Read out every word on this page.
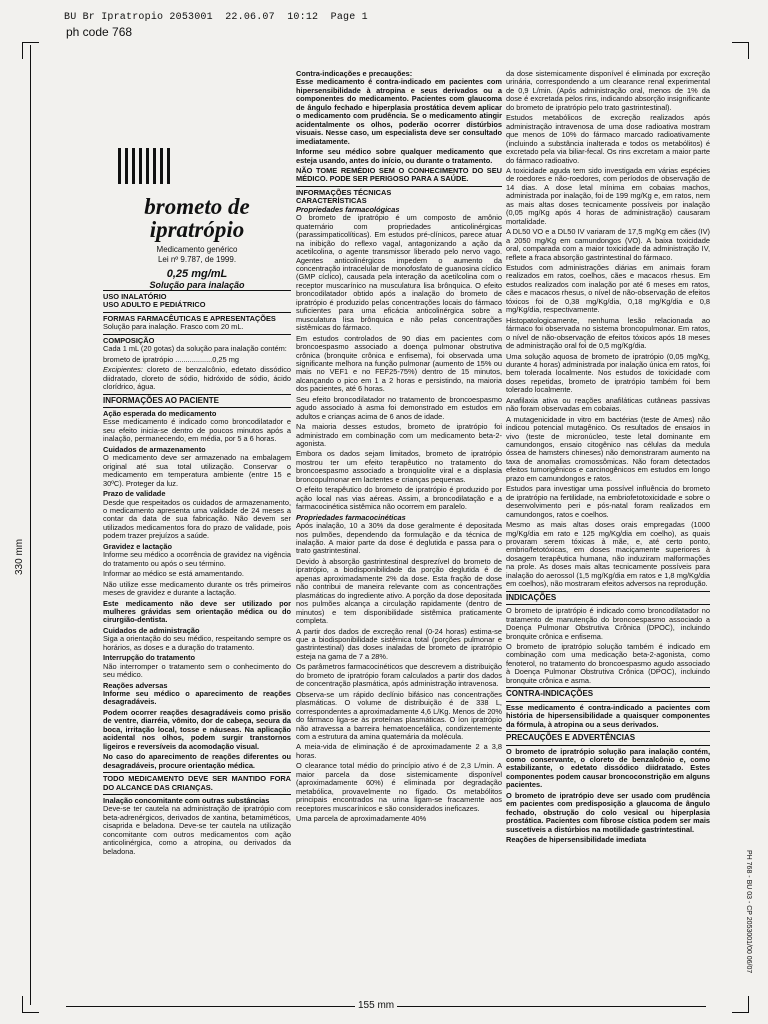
BU Br Ipratropio 2053001  22.06.07  10:12  Page 1
ph code 768
330 mm
155 mm
PH 768 - BU 03 - CP 2053001/00 06/07
brometo de
ipratrópio
Medicamento genérico
Lei nº 9.787, de 1999.
0,25 mg/mL
Solução para inalação
USO INALATÓRIO
USO ADULTO E PEDIÁTRICO
FORMAS FARMACÊUTICAS E APRESENTAÇÕES

Solução para inalação. Frasco com 20 mL.

COMPOSIÇÃO

Cada 1 mL (20 gotas) da solução para inalação contém:

brometo de ipratrópio ..................0,25 mg

Excipientes: cloreto de benzalcônio, edetato dissódico diidratado, cloreto de sódio, hidróxido de sódio, ácido clorídrico, água.

INFORMAÇÕES AO PACIENTE
Ação esperada do medicamento

Esse medicamento é indicado como broncodilatador e seu efeito inicia-se dentro de poucos minutos após a inalação, permanecendo, em média, por 5 a 6 horas.

Cuidados de armazenamento

O medicamento deve ser armazenado na embalagem original até sua total utilização. Conservar o medicamento em temperatura ambiente (entre 15 e 30ºC). Proteger da luz.

Prazo de validade

Desde que respeitados os cuidados de armazenamento, o medicamento apresenta uma validade de 24 meses a contar da data de sua fabricação. Não devem ser utilizados medicamentos fora do prazo de validade, pois podem trazer prejuízos a saúde.

Gravidez e lactação

Informe seu médico a ocorrência de gravidez na vigência do tratamento ou após o seu término.

Informar ao médico se está amamentando.

Não utilize esse medicamento durante os três primeiros meses de gravidez e durante a lactação.

Este medicamento não deve ser utilizado por mulheres grávidas sem orientação médica ou do cirurgião-dentista.

Cuidados de administração

Siga a orientação do seu médico, respeitando sempre os horários, as doses e a duração do tratamento.

Interrupção do tratamento

Não interromper o tratamento sem o conhecimento do seu médico.

Reações adversas

Informe seu médico o aparecimento de reações desagradáveis.

Podem ocorrer reações desagradáveis como prisão de ventre, diarréia, vômito, dor de cabeça, secura da boca, irritação local, tosse e náuseas. Na aplicação acidental nos olhos, podem surgir transtornos ligeiros e reversíveis da acomodação visual.

No caso do aparecimento de reações diferentes ou desagradáveis, procure orientação médica.

TODO MEDICAMENTO DEVE SER MANTIDO FORA DO ALCANCE DAS CRIANÇAS.

Inalação concomitante com outras substâncias

Deve-se ter cautela na administração de ipratrópio com beta-adrenérgicos, derivados de xantina, betamiméticos, cisaprida e beladona. Deve-se ter cautela na utilização concomitante com outros medicamentos com ação anticolinérgica, como a atropina, ou derivados da beladona.

Contra-indicações e precauções:

Esse medicamento é contra-indicado em pacientes com hipersensibilidade à atropina e seus derivados ou a componentes do medicamento. Pacientes com glaucoma de ângulo fechado e hiperplasia prostática devem aplicar o medicamento com prudência. Se o medicamento atingir acidentalmente os olhos, poderão ocorrer distúrbios visuais. Nesse caso, um especialista deve ser consultado imediatamente.

Informe seu médico sobre qualquer medicamento que esteja usando, antes do início, ou durante o tratamento.

NÃO TOME REMÉDIO SEM O CONHECIMENTO DO SEU MÉDICO. PODE SER PERIGOSO PARA A SAÚDE.

INFORMAÇÕES TÉCNICAS
CARACTERÍSTICAS
Propriedades farmacológicas

O brometo de ipratrópio é um composto de amônio quaternário com propriedades anticolinérgicas (parassimpaticolíticas). Em estudos pré-clínicos, parece atuar na inibição do reflexo vagal, antagonizando a ação da acetilcolina, o agente transmissor liberado pelo nervo vago. Agentes anticolinérgicos impedem o aumento da concentração intracelular de monofosfato de guanosina cíclico (GMP cíclico), causada pela interação da acetilcolina com o receptor muscarínico na musculatura lisa brônquica. O efeito broncodilatador obtido após a inalação do brometo de ipratrópio é produzido pelas concentrações locais do fármaco suficientes para uma eficácia anticolinérgica sobre a musculatura lisa brônquica e não pelas concentrações sistêmicas do fármaco.

Em estudos controlados de 90 dias em pacientes com broncoespasmo associado a doença pulmonar obstrutiva crônica (bronquite crônica e enfisema), foi observada uma significante melhora na função pulmonar (aumento de 15% ou mais no VEF1 e no FEF25-75%) dentro de 15 minutos, alcançando o pico em 1 a 2 horas e persistindo, na maioria dos pacientes, até 6 horas.

Seu efeito broncodilatador no tratamento de broncoespasmo agudo associado à asma foi demonstrado em estudos em adultos e crianças acima de 6 anos de idade.

Na maioria desses estudos, brometo de ipratrópio foi administrado em combinação com um medicamento beta-2-agonista.

Embora os dados sejam limitados, brometo de ipratrópio mostrou ter um efeito terapêutico no tratamento do broncoespasmo associado a bronquiolite viral e a displasia broncopulmonar em lactentes e crianças pequenas.

O efeito terapêutico do brometo de ipratrópio é produzido por ação local nas vias aéreas. Assim, a broncodilatação e a farmacocinética sistêmica não ocorrem em paralelo.

Propriedades farmacocinéticas

Após inalação, 10 a 30% da dose geralmente é depositada nos pulmões, dependendo da formulação e da técnica de inalação. A maior parte da dose é deglutida e passa para o trato gastrintestinal.

Devido à absorção gastrintestinal desprezível do brometo de ipratrópio, a biodisponibilidade da porção deglutida é de apenas aproximadamente 2% da dose. Esta fração de dose não contribui de maneira relevante com as concentrações plasmáticas do ingrediente ativo. A porção da dose depositada nos pulmões alcança a circulação rapidamente (dentro de minutos) e tem disponibilidade sistêmica praticamente completa.

A partir dos dados de excreção renal (0-24 horas) estima-se que a biodisponibilidade sistêmica total (porções pulmonar e gastrintestinal) das doses inaladas de brometo de ipratrópio esteja na gama de 7 a 28%.

Os parâmetros farmacocinéticos que descrevem a distribuição do brometo de ipratrópio foram calculados a partir dos dados de concentração plasmática, após administração intravenosa.

Observa-se um rápido declínio bifásico nas concentrações plasmáticas. O volume de distribuição é de 338 L, correspondentes a aproximadamente 4,6 L/Kg. Menos de 20% do fármaco liga-se às proteínas plasmáticas. O íon ipratrópio não atravessa a barreira hematoencefálica, condizentemente com a estrutura da amina quaternária da molécula.

A meia-vida de eliminação é de aproximadamente 2 a 3,8 horas.

O clearance total médio do princípio ativo é de 2,3 L/min. A maior parcela da dose sistemicamente disponível (aproximadamente 60%) é eliminada por degradação metabólica, provavelmente no fígado. Os metabólitos principais encontrados na urina ligam-se fracamente aos receptores muscarínicos e são considerados ineficazes.

Uma parcela de aproximadamente 40%

da dose sistemicamente disponível é eliminada por excreção urinária, correspondendo a um clearance renal experimental de 0,9 L/min. (Após administração oral, menos de 1% da dose é excretada pelos rins, indicando absorção insignificante do brometo de ipratrópio pelo trato gastrintestinal).

Estudos metabólicos de excreção realizados após administração intravenosa de uma dose radioativa mostram que menos de 10% do fármaco marcado radioativamente (incluindo a substância inalterada e todos os metabólitos) é excretado pela via biliar-fecal. Os rins excretam a maior parte do fármaco radioativo.

A toxicidade aguda tem sido investigada em várias espécies de roedores e não-roedores, com períodos de observação de 14 dias. A dose letal mínima em cobaias machos, administrada por inalação, foi de 199 mg/Kg e, em ratos, nem as mais altas doses tecnicamente possíveis por inalação (0,05 mg/Kg após 4 horas de administração) causaram mortalidade.

A DL50 VO e a DL50 IV variaram de 17,5 mg/Kg em cães (IV) a 2050 mg/Kg em camundongos (VO). A baixa toxicidade oral, comparada com a maior toxicidade da administração IV, reflete a fraca absorção gastrintestinal do fármaco.

Estudos com administrações diárias em animais foram realizados em ratos, coelhos, cães e macacos rhesus. Em estudos realizados com inalação por até 6 meses em ratos, cães e macacos rhesus, o nível de não-observação de efeitos tóxicos foi de 0,38 mg/Kg/dia, 0,18 mg/Kg/dia e 0,8 mg/Kg/dia, respectivamente.

Histopatologicamente, nenhuma lesão relacionada ao fármaco foi observada no sistema broncopulmonar. Em ratos, o nível de não-observação de efeitos tóxicos após 18 meses de administração oral foi de 0,5 mg/Kg/dia.

Uma solução aquosa de brometo de ipratrópio (0,05 mg/Kg, durante 4 horas) administrada por inalação única em ratos, foi bem tolerada localmente. Nos estudos de toxicidade com doses repetidas, brometo de ipratrópio também foi bem tolerado localmente.

Anafilaxia ativa ou reações anafiláticas cutâneas passivas não foram observadas em cobaias.

A mutagenicidade in vitro em bactérias (teste de Ames) não indicou potencial mutagênico. Os resultados de ensaios in vivo (teste de micronúcleo, teste letal dominante em camundongos, ensaio citogênico nas células da medula óssea de hamsters chineses) não demonstraram aumento na taxa de anomalias cromossômicas. Não foram detectados efeitos tumorigênicos e carcinogênicos em estudos em longo prazo em camundongos e ratos.

Estudos para investigar uma possível influência do brometo de ipratrópio na fertilidade, na embriofetotoxicidade e sobre o desenvolvimento peri e pós-natal foram realizados em camundongos, ratos e coelhos.

Mesmo as mais altas doses orais empregadas (1000 mg/Kg/dia em rato e 125 mg/Kg/dia em coelho), as quais provaram serem tóxicas à mãe, e, até certo ponto, embrio/fetotóxicas, em doses maciçamente superiores à dosagem terapêutica humana, não induziram malformações na prole. As doses mais altas tecnicamente possíveis para inalação do aerossol (1,5 mg/Kg/dia em ratos e 1,8 mg/Kg/dia em coelhos), não mostraram efeitos adversos na reprodução.

INDICAÇÕES

O brometo de ipratrópio é indicado como broncodilatador no tratamento de manutenção do broncoespasmo associado a Doença Pulmonar Obstrutiva Crônica (DPOC), incluindo bronquite crônica e enfisema.

O brometo de ipratrópio solução também é indicado em combinação com uma medicação beta-2-agonista, como fenoterol, no tratamento do broncoespasmo agudo associado à Doença Pulmonar Obstrutiva Crônica (DPOC), incluindo bronquite crônica e asma.

CONTRA-INDICAÇÕES

Esse medicamento é contra-indicado a pacientes com história de hipersensibilidade a quaisquer componentes da fórmula, à atropina ou a seus derivados.

PRECAUÇÕES E ADVERTÊNCIAS

O brometo de ipratrópio solução para inalação contém, como conservante, o cloreto de benzalcônio e, como estabilizante, o edetato dissódico diidratado. Estes componentes podem causar broncoconstrição em alguns pacientes.

O brometo de ipratrópio deve ser usado com prudência em pacientes com predisposição a glaucoma de ângulo fechado, obstrução do colo vesical ou hiperplasia prostática. Pacientes com fibrose cística podem ser mais suscetíveis a distúrbios na motilidade gastrintestinal.

Reações de hipersensibilidade imediata
